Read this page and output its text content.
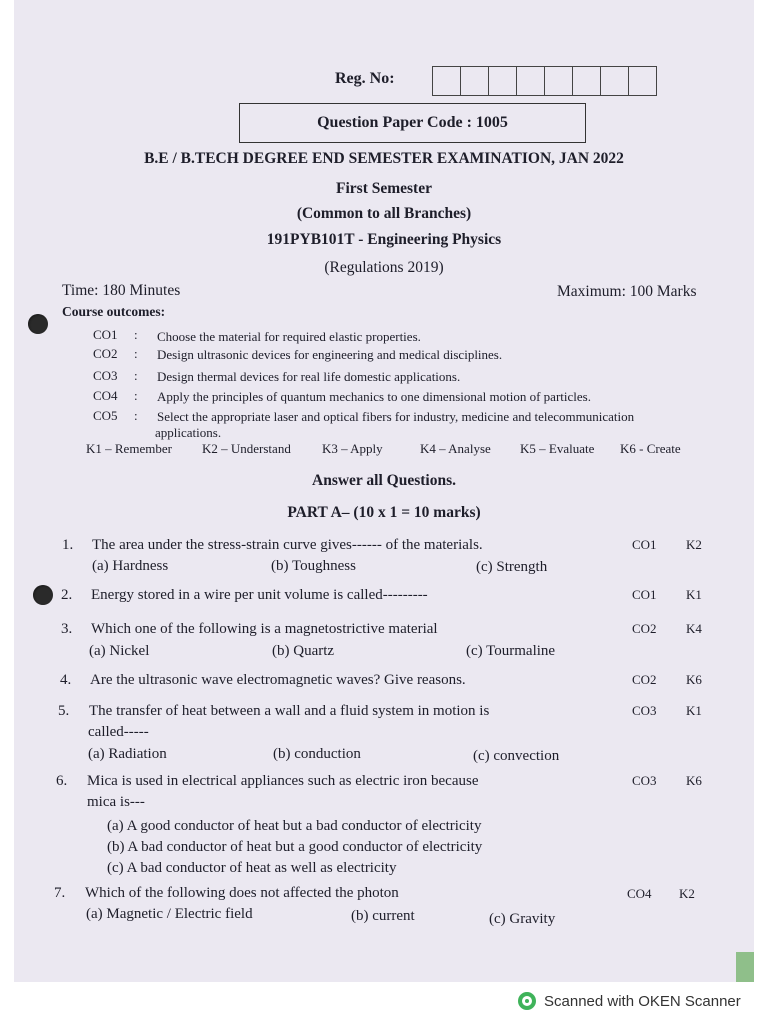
Reg. No:
Question Paper Code : 1005
B.E / B.TECH DEGREE END SEMESTER EXAMINATION, JAN 2022
First Semester
(Common to all Branches)
191PYB101T - Engineering Physics
(Regulations 2019)
Time: 180 Minutes	Maximum: 100 Marks
Course outcomes:
CO1 : Choose the material for required elastic properties.
CO2 : Design ultrasonic devices for engineering and medical disciplines.
CO3 : Design thermal devices for real life domestic applications.
CO4 : Apply the principles of quantum mechanics to one dimensional motion of particles.
CO5 : Select the appropriate laser and optical fibers for industry, medicine and telecommunication
applications.
K1 – Remember K2 – Understand K3 – Apply	K4 – Analyse K5 – Evaluate K6 - Create
Answer all Questions.
PART A– (10 x 1 = 10 marks)
1. The area under the stress-strain curve gives------ of the materials.	CO1 K2
(a) Hardness	(b) Toughness	(c) Strength
2. Energy stored in a wire per unit volume is called---------	CO1 K1
3. Which one of the following is a magnetostrictive material	CO2 K4
(a) Nickel	(b) Quartz	(c) Tourmaline
4. Are the ultrasonic wave electromagnetic waves? Give reasons.	CO2 K6
5. The transfer of heat between a wall and a fluid system in motion is
called-----
CO3 K1
(a) Radiation	(b) conduction	(c) convection
6. Mica is used in electrical appliances such as electric iron because
mica is---
CO3 K6
(a) A good conductor of heat but a bad conductor of electricity
(b) A bad conductor of heat but a good conductor of electricity
(c) A bad conductor of heat as well as electricity
7. Which of the following does not affected the photon	CO4 K2
(a) Magnetic / Electric field	(b) current	(c) Gravity
Scanned with OKEN Scanner
